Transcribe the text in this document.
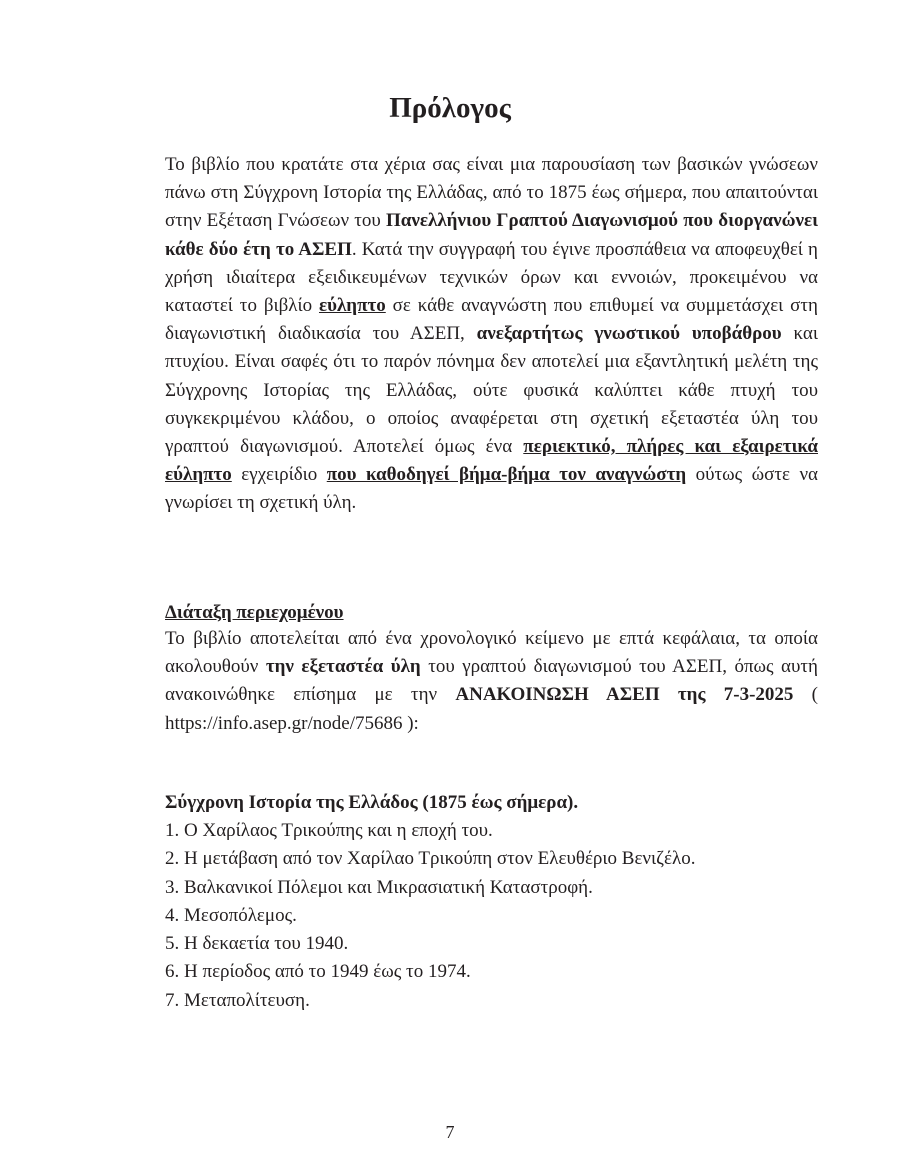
Πρόλογος

Το βιβλίο που κρατάτε στα χέρια σας είναι μια παρουσίαση των βασικών γνώσεων πάνω στη Σύγχρονη Ιστορία της Ελλάδας, από το 1875 έως σήμερα, που απαιτούνται στην Εξέταση Γνώσεων του Πανελλήνιου Γραπτού Διαγωνισμού που διοργανώνει κάθε δύο έτη το ΑΣΕΠ. Κατά την συγγραφή του έγινε προσπάθεια να αποφευχθεί η χρήση ιδιαίτερα εξειδικευμένων τεχνικών όρων και εννοιών, προκειμένου να καταστεί το βιβλίο εύληπτο σε κάθε αναγνώστη που επιθυμεί να συμμετάσχει στη διαγωνιστική διαδικασία του ΑΣΕΠ, ανεξαρτήτως γνωστικού υποβάθρου και πτυχίου. Είναι σαφές ότι το παρόν πόνημα δεν αποτελεί μια εξαντλητική μελέτη της Σύγχρονης Ιστορίας της Ελλάδας, ούτε φυσικά καλύπτει κάθε πτυχή του συγκεκριμένου κλάδου, ο οποίος αναφέρεται στη σχετική εξεταστέα ύλη του γραπτού διαγωνισμού. Αποτελεί όμως ένα περιεκτικό, πλήρες και εξαιρετικά εύληπτο εγχειρίδιο που καθοδηγεί βήμα-βήμα τον αναγνώστη ούτως ώστε να γνωρίσει τη σχετική ύλη.

Διάταξη περιεχομένου

Το βιβλίο αποτελείται από ένα χρονολογικό κείμενο με επτά κεφάλαια, τα οποία ακολουθούν την εξεταστέα ύλη του γραπτού διαγωνισμού του ΑΣΕΠ, όπως αυτή ανακοινώθηκε επίσημα με την ΑΝΑΚΟΙΝΩΣΗ ΑΣΕΠ της 7-3-2025 ( https://info.asep.gr/node/75686 ):

Σύγχρονη Ιστορία της Ελλάδος (1875 έως σήμερα).
1. Ο Χαρίλαος Τρικούπης και η εποχή του.
2. Η μετάβαση από τον Χαρίλαο Τρικούπη στον Ελευθέριο Βενιζέλο.
3. Βαλκανικοί Πόλεμοι και Μικρασιατική Καταστροφή.
4. Μεσοπόλεμος.
5. Η δεκαετία του 1940.
6. Η περίοδος από το 1949 έως το 1974.
7. Μεταπολίτευση.
7
